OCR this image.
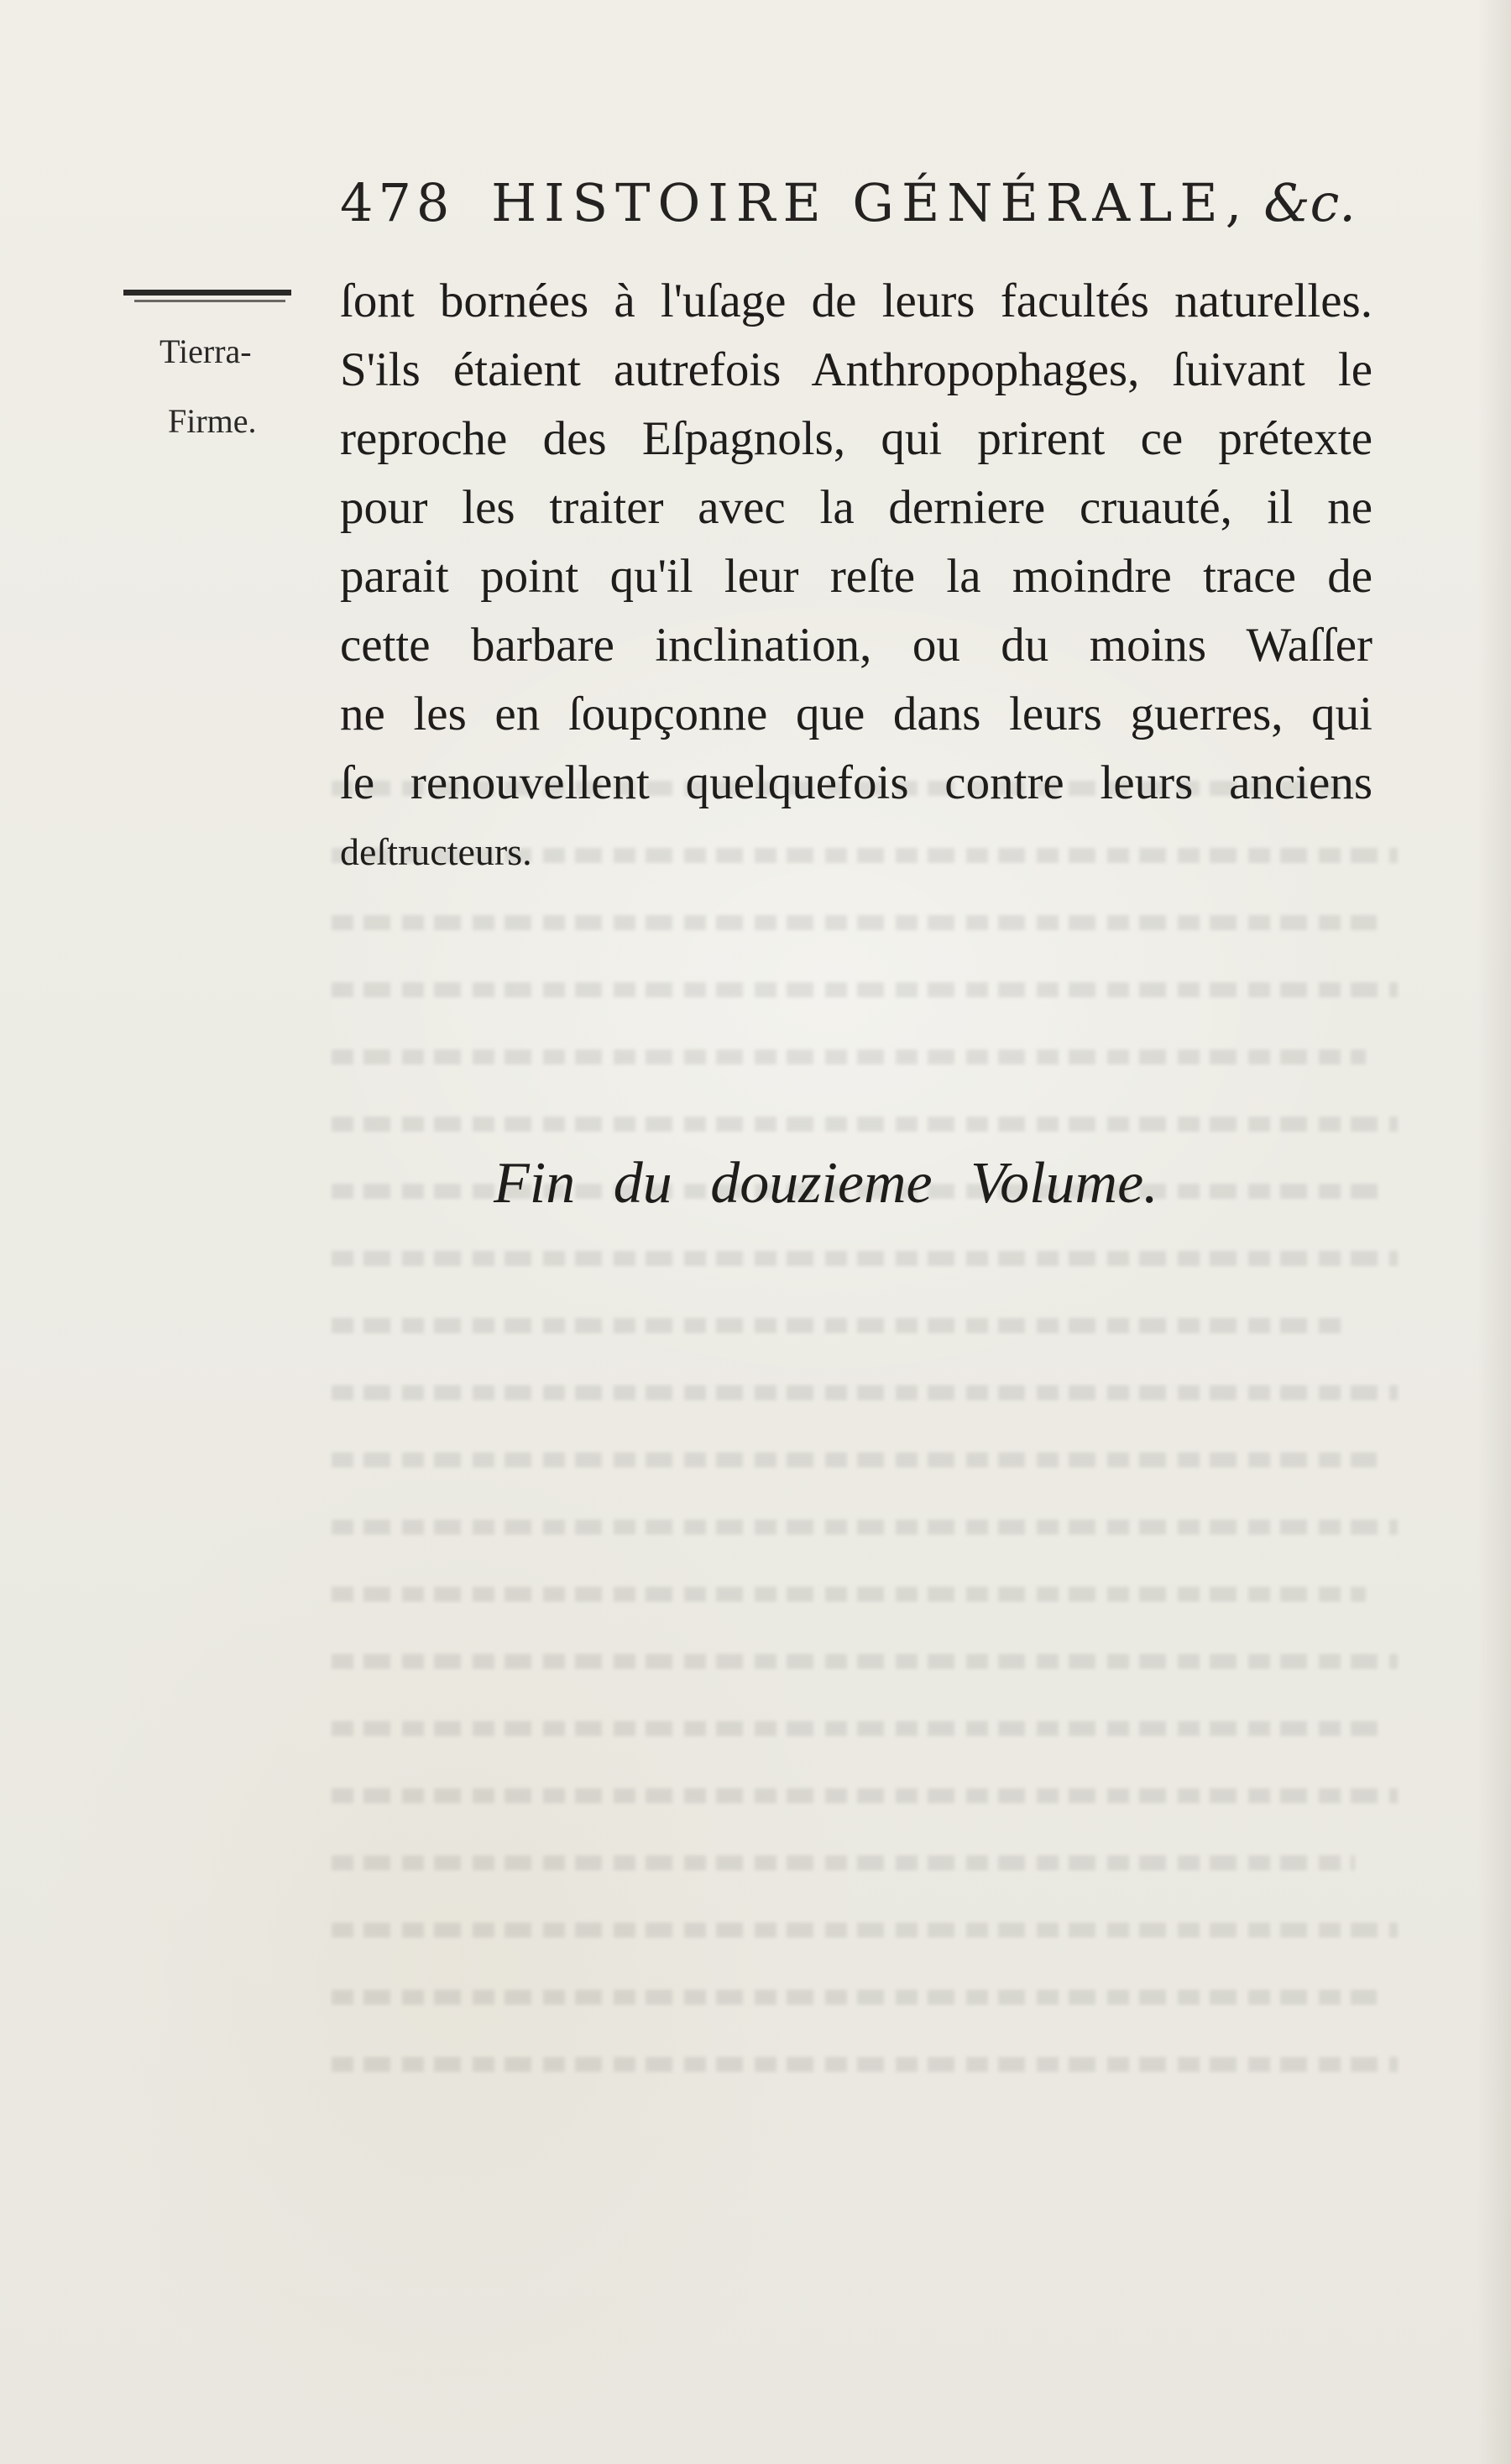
478 HISTOIRE GÉNÉRALE, &c.
Tierra-
Firme.
ſont bornées à l'uſage de leurs facultés naturelles.
S'ils étaient autrefois Anthropophages, ſuivant le
reproche des Eſpagnols, qui prirent ce prétexte
pour les traiter avec la derniere cruauté, il ne
parait point qu'il leur reſte la moindre trace de
cette barbare inclination, ou du moins Waſſer
ne les en ſoupçonne que dans leurs guerres, qui
ſe renouvellent quelquefois contre leurs anciens
deſtructeurs.
Fin du douzieme Volume.
